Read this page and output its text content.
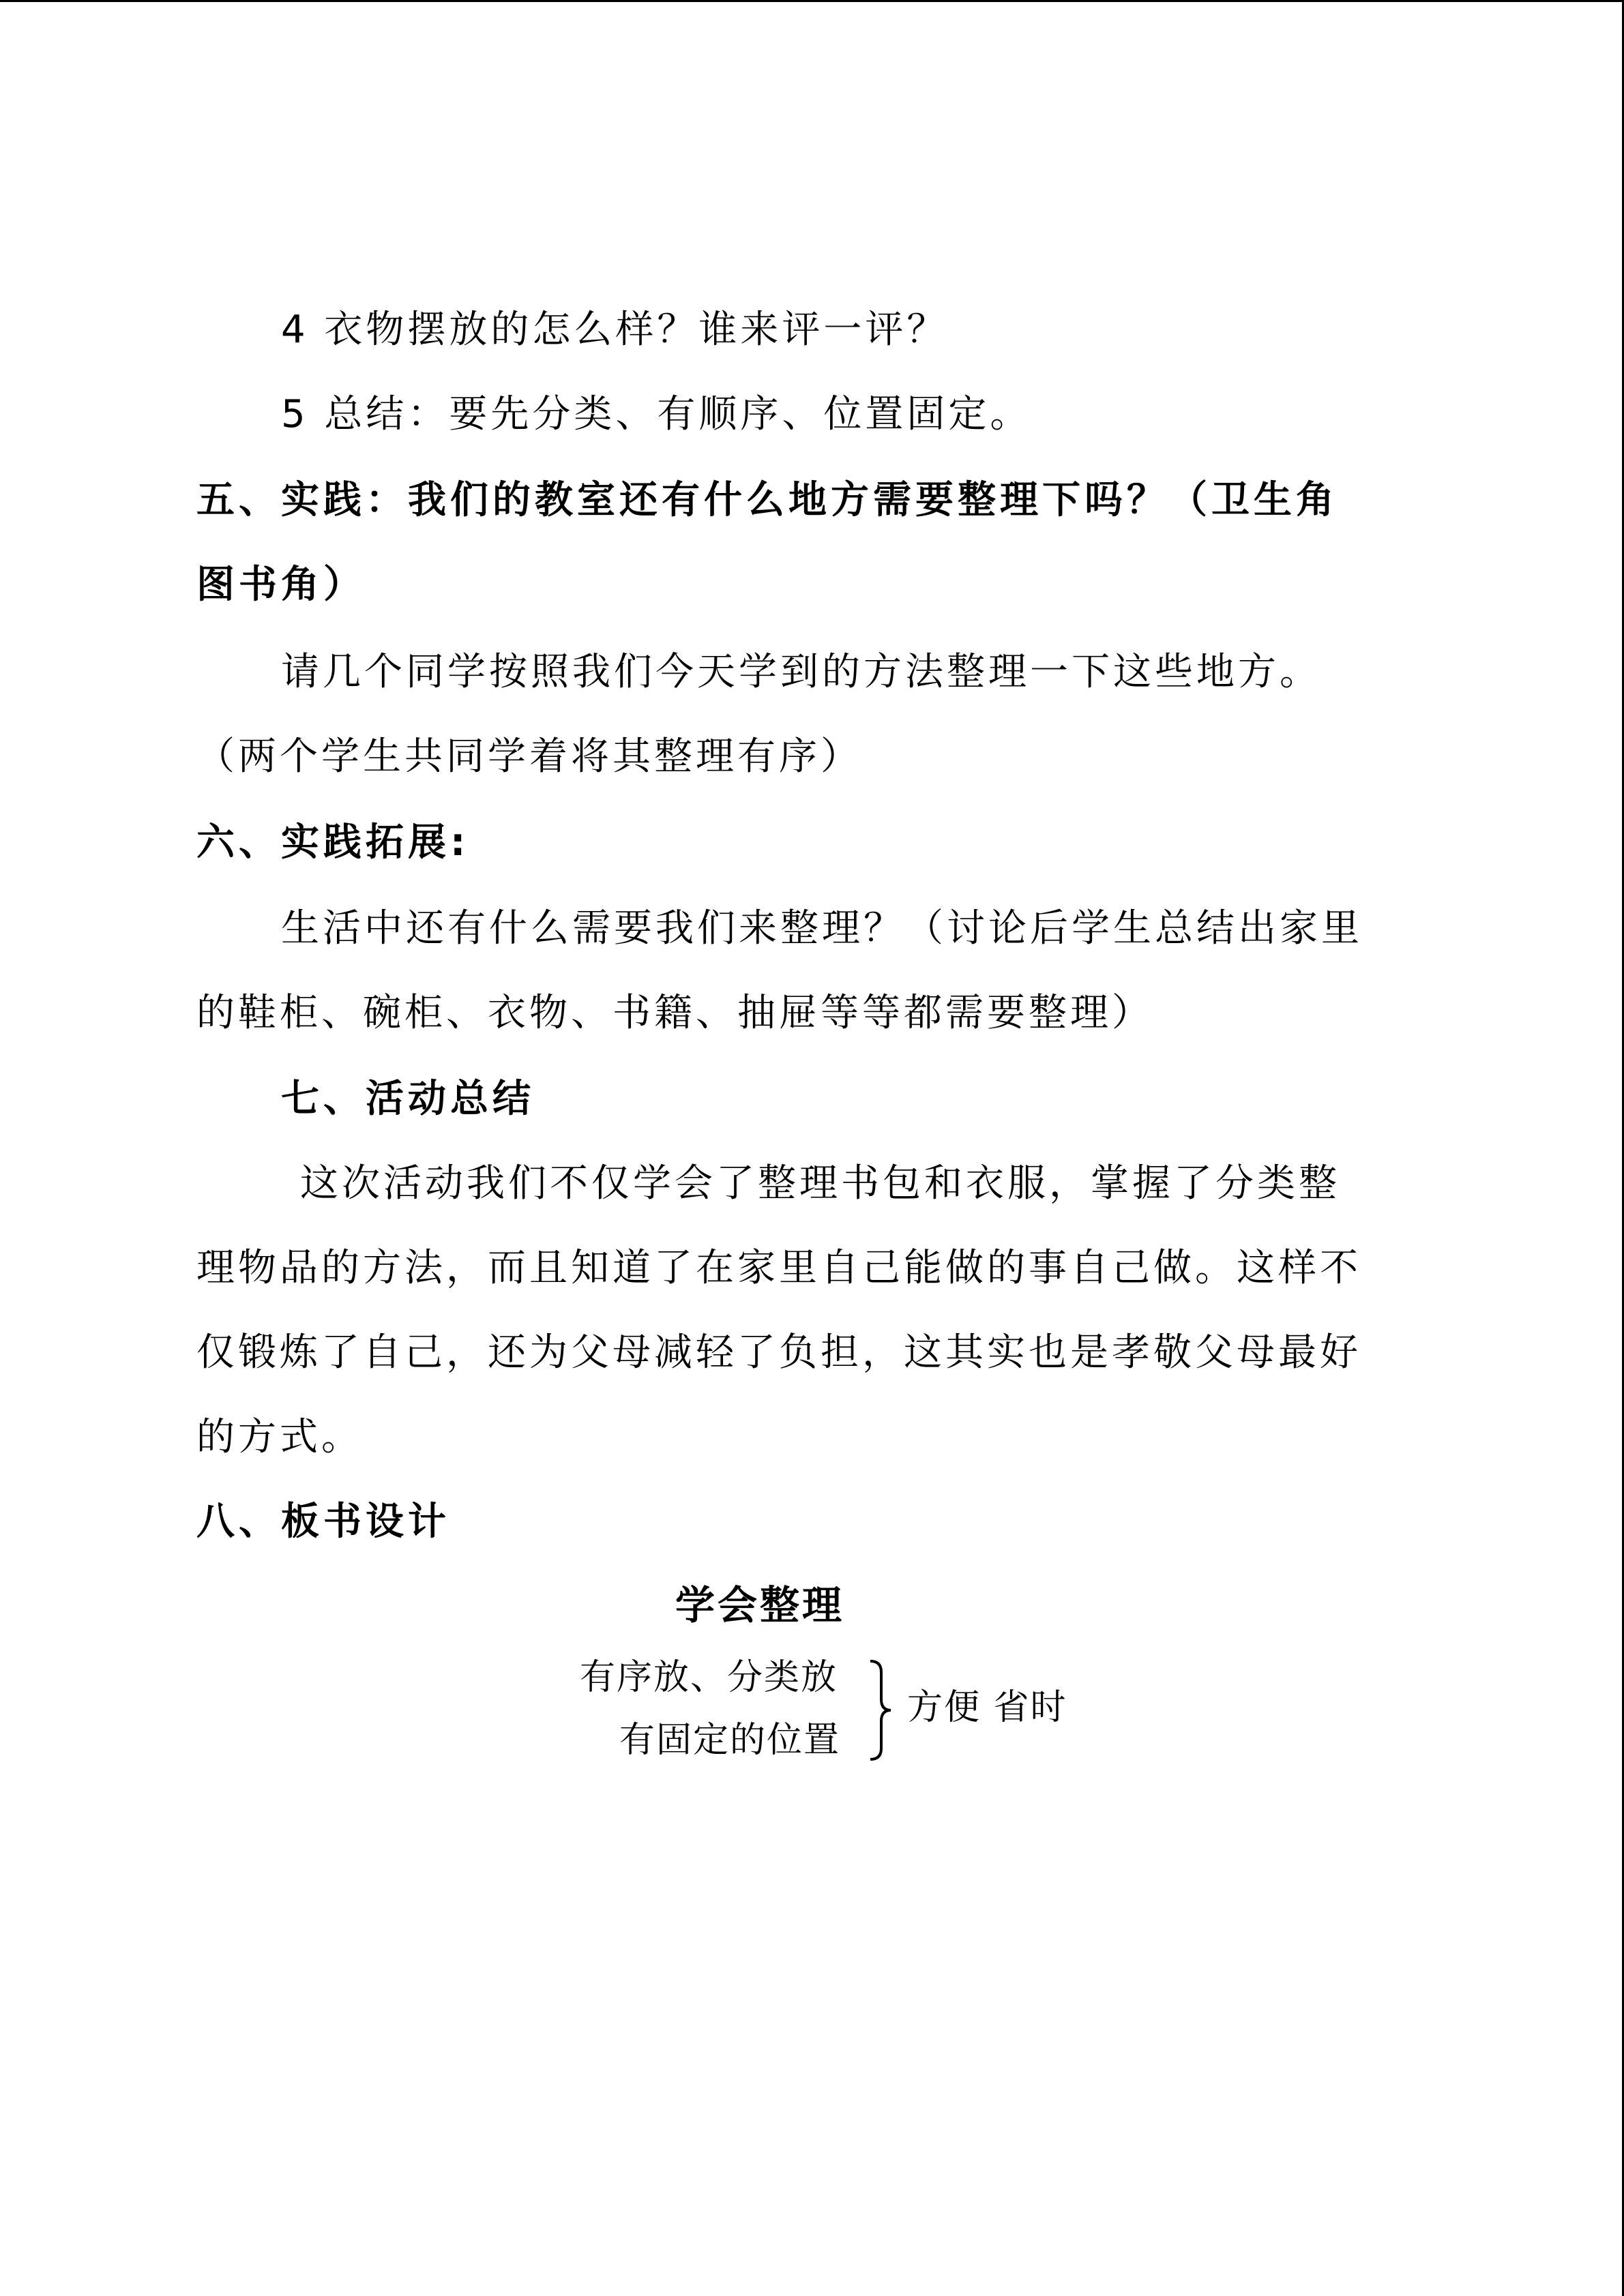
4 衣物摆放的怎么样？谁来评一评？
5 总结：要先分类、有顺序、位置固定。
五、实践：我们的教室还有什么地方需要整理下吗？（卫生角
图书角）
请几个同学按照我们今天学到的方法整理一下这些地方。
（两个学生共同学着将其整理有序）
六、实践拓展:
生活中还有什么需要我们来整理？（讨论后学生总结出家里
的鞋柜、碗柜、衣物、书籍、抽屉等等都需要整理）
七、活动总结
这次活动我们不仅学会了整理书包和衣服，掌握了分类整
理物品的方法，而且知道了在家里自己能做的事自己做。这样不
仅锻炼了自己，还为父母减轻了负担，这其实也是孝敬父母最好
的方式。
八、板书设计
学会整理
有序放、分类放
有固定的位置
方便 省时
